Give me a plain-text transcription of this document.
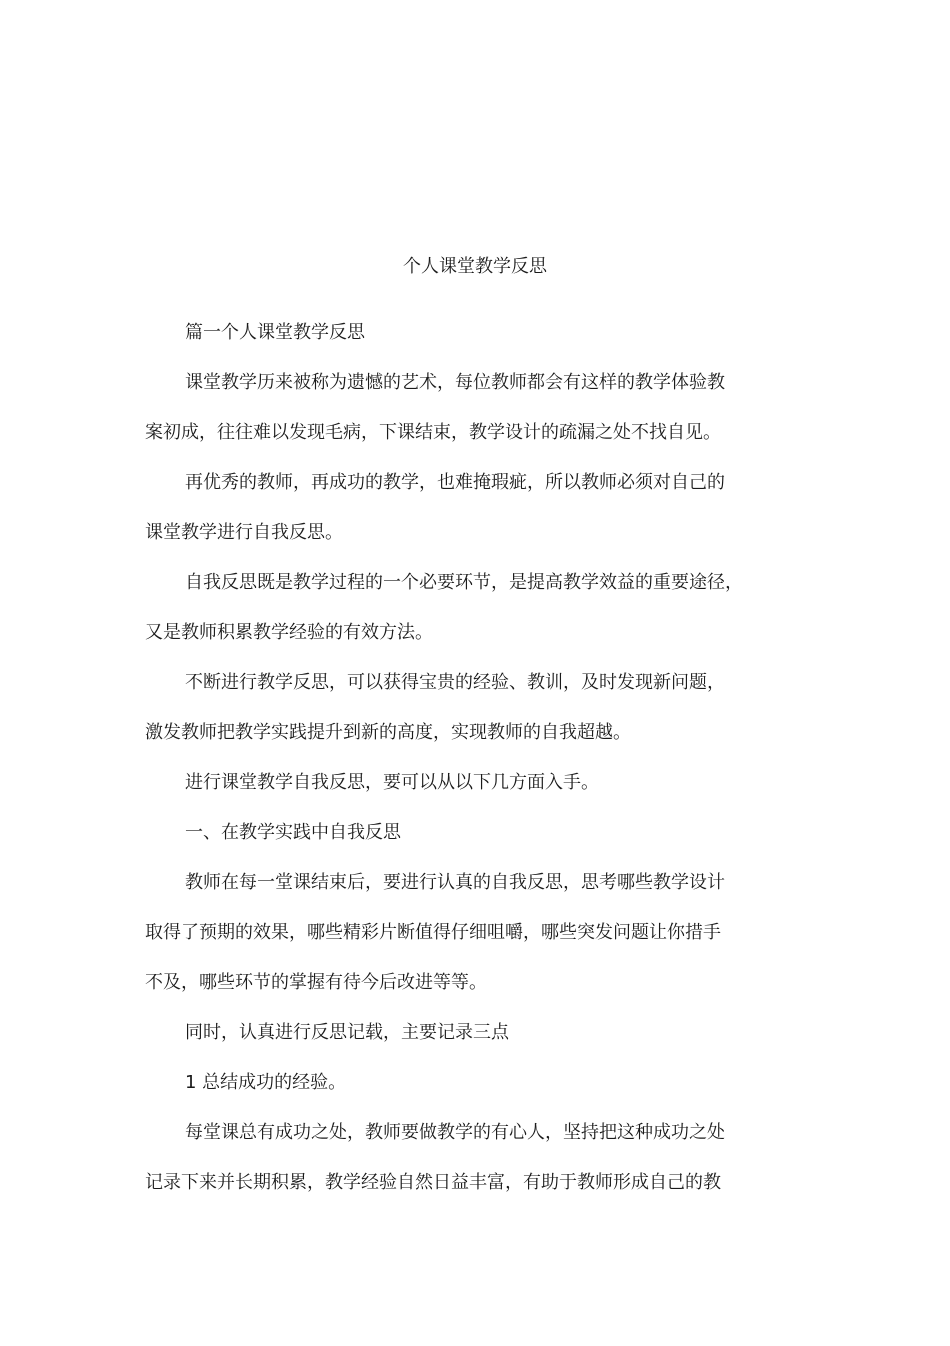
个人课堂教学反思
篇一个人课堂教学反思
课堂教学历来被称为遗憾的艺术，每位教师都会有这样的教学体验教
案初成，往往难以发现毛病，下课结束，教学设计的疏漏之处不找自见。
再优秀的教师，再成功的教学，也难掩瑕疵，所以教师必须对自己的
课堂教学进行自我反思。
自我反思既是教学过程的一个必要环节，是提高教学效益的重要途径，
又是教师积累教学经验的有效方法。
不断进行教学反思，可以获得宝贵的经验、教训，及时发现新问题，
激发教师把教学实践提升到新的高度，实现教师的自我超越。
进行课堂教学自我反思，要可以从以下几方面入手。
一、在教学实践中自我反思
教师在每一堂课结束后，要进行认真的自我反思，思考哪些教学设计
取得了预期的效果，哪些精彩片断值得仔细咀嚼，哪些突发问题让你措手
不及，哪些环节的掌握有待今后改进等等。
同时，认真进行反思记载，主要记录三点
1 总结成功的经验。
每堂课总有成功之处，教师要做教学的有心人，坚持把这种成功之处
记录下来并长期积累，教学经验自然日益丰富，有助于教师形成自己的教
